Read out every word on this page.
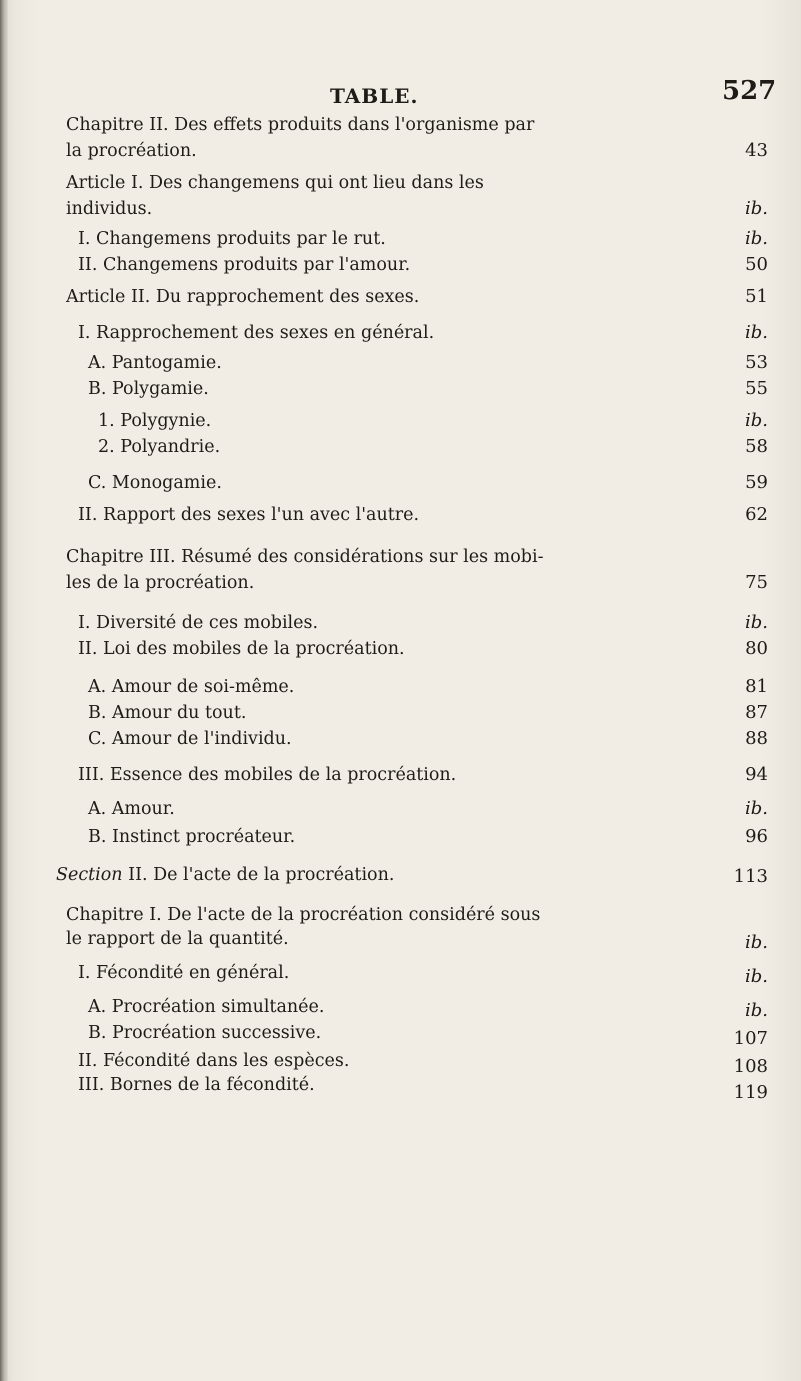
TABLE.	527
Chapitre II. Des effets produits dans l'organisme par
la procréation.	43
Article I. Des changemens qui ont lieu dans les
individus.	ib.
I. Changemens produits par le rut.	ib.
II. Changemens produits par l'amour.	50
Article II. Du rapprochement des sexes.	51
I. Rapprochement des sexes en général.	ib.
A. Pantogamie.	53
B. Polygamie.	55
1. Polygynie.	ib.
2. Polyandrie.	58
C. Monogamie.	59
II. Rapport des sexes l'un avec l'autre.	62
Chapitre III. Résumé des considérations sur les mobi-
les de la procréation.	75
I. Diversité de ces mobiles.	ib.
II. Loi des mobiles de la procréation.	80
A. Amour de soi-même.	81
B. Amour du tout.	87
C. Amour de l'individu.	88
III. Essence des mobiles de la procréation.	94
A. Amour.	ib.
B. Instinct procréateur.	96
Section II. De l'acte de la procréation.	113
Chapitre I. De l'acte de la procréation considéré sous
le rapport de la quantité.	ib.
I. Fécondité en général.	ib.
A. Procréation simultanée.	ib.
B. Procréation successive.	107
II. Fécondité dans les espèces.	108
III. Bornes de la fécondité.	119
